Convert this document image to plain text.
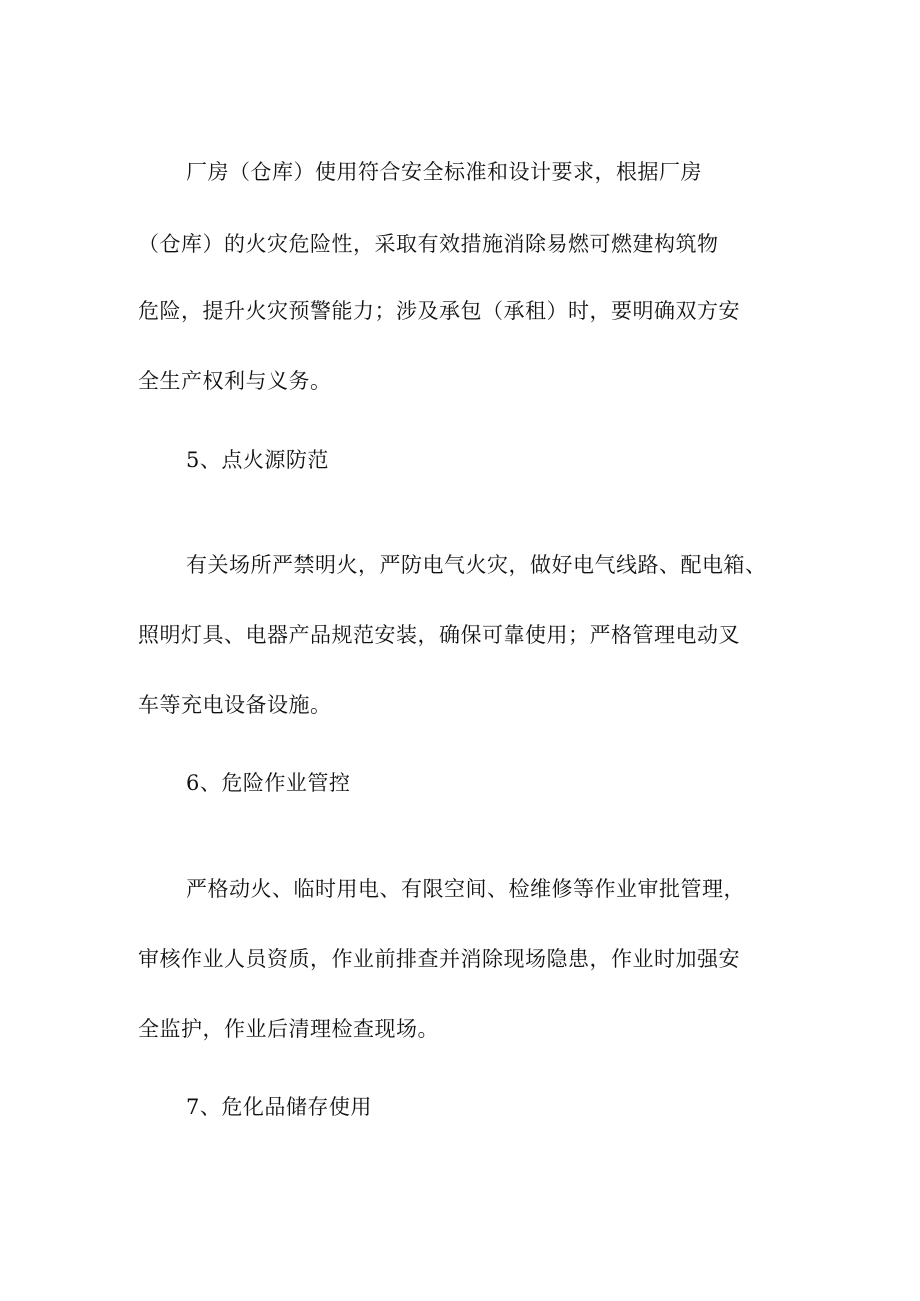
厂房（仓库）使用符合安全标准和设计要求，根据厂房
（仓库）的火灾危险性，采取有效措施消除易燃可燃建构筑物
危险，提升火灾预警能力；涉及承包（承租）时，要明确双方安
全生产权利与义务。
5、点火源防范
有关场所严禁明火，严防电气火灾，做好电气线路、配电箱、
照明灯具、电器产品规范安装，确保可靠使用；严格管理电动叉
车等充电设备设施。
6、危险作业管控
严格动火、临时用电、有限空间、检维修等作业审批管理，
审核作业人员资质，作业前排查并消除现场隐患，作业时加强安
全监护，作业后清理检查现场。
7、危化品储存使用
